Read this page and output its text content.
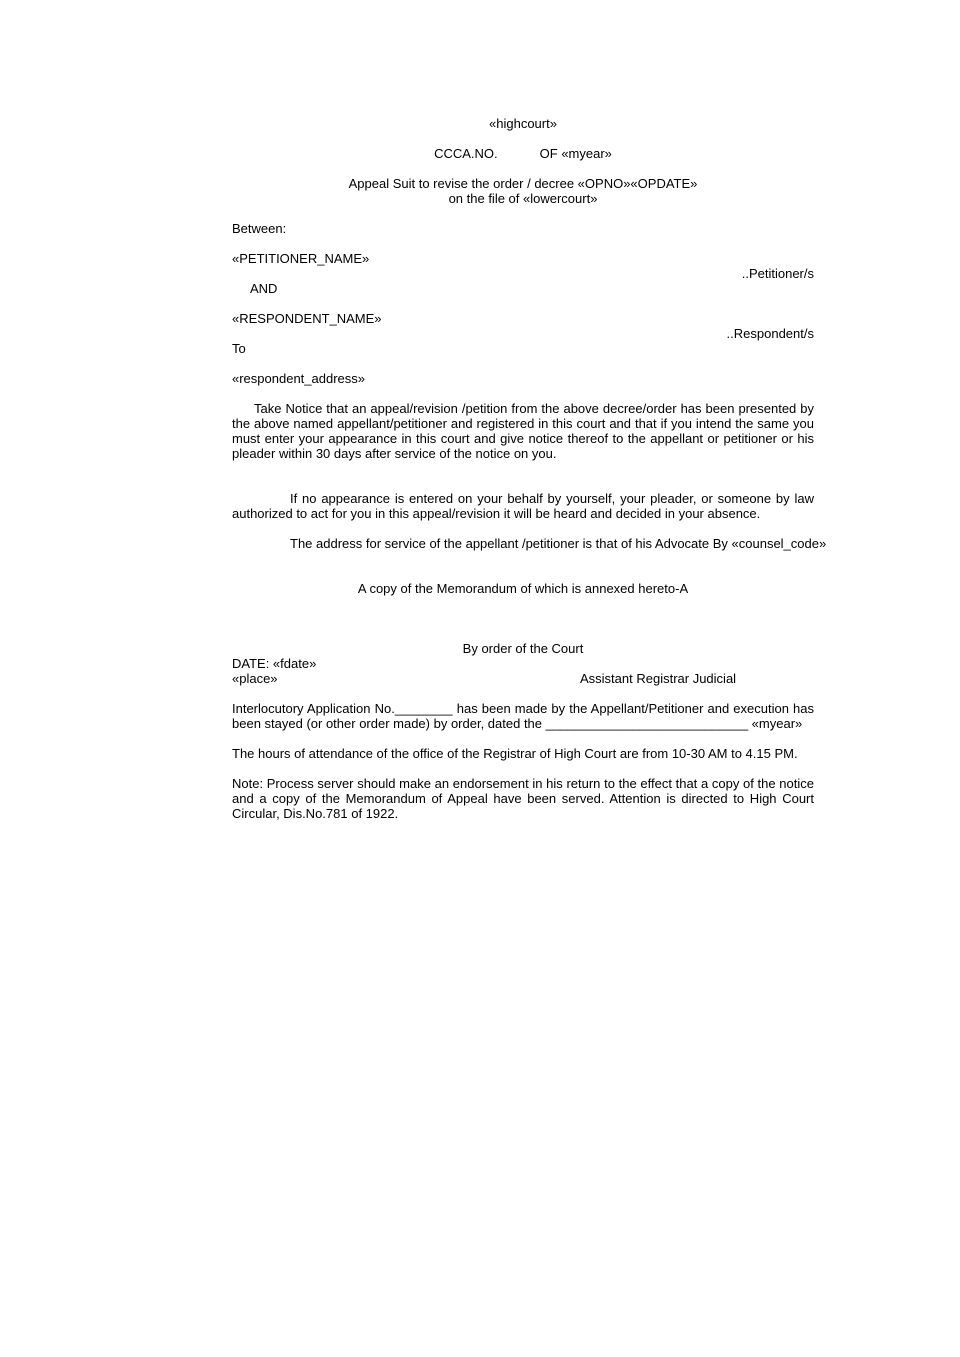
«highcourt»

CCCA.NO.	OF «myear»

Appeal Suit to revise the order / decree «OPNO»«OPDATE»

on the file of «lowercourt»

Between:

«PETITIONER_NAME»

..Petitioner/s

AND

«RESPONDENT_NAME»

..Respondent/s

To

«respondent_address»

Take Notice that an appeal/revision /petition from the above decree/order has been presented by the above named appellant/petitioner and registered in this court and that if you intend the same you must enter your appearance in this court and give notice thereof to the appellant or petitioner or his pleader within 30 days after service of the notice on you.

If no appearance is entered on your behalf by yourself, your pleader, or someone by law authorized to act for you in this appeal/revision it will be heard and decided in your absence.

The address for service of the appellant /petitioner is that of his Advocate By «counsel_code»

A copy of the Memorandum of which is annexed hereto-A

By order of the Court

DATE: «fdate»

«place»	Assistant Registrar Judicial

Interlocutory Application No.________ has been made by the Appellant/Petitioner and execution has been stayed (or other order made) by order, dated the ____________________________ «myear»

The hours of attendance of the office of the Registrar of High Court are from 10-30 AM to 4.15 PM.

Note: Process server should make an endorsement in his return to the effect that a copy of the notice and a copy of the Memorandum of Appeal have been served. Attention is directed to High Court Circular, Dis.No.781 of 1922.
